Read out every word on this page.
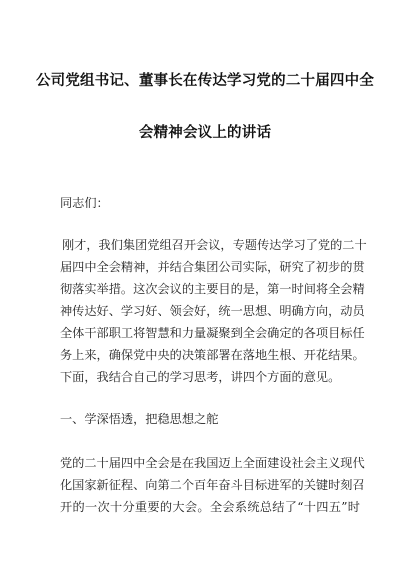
公司党组书记、董事长在传达学习党的二十届四中全
会精神会议上的讲话
同志们：
刚才，我们集团党组召开会议，专题传达学习了党的二十
届四中全会精神，并结合集团公司实际，研究了初步的贯
彻落实举措。这次会议的主要目的是，第一时间将全会精
神传达好、学习好、领会好，统一思想、明确方向，动员
全体干部职工将智慧和力量凝聚到全会确定的各项目标任
务上来，确保党中央的决策部署在落地生根、开花结果。
下面，我结合自己的学习思考，讲四个方面的意见。
一、学深悟透，把稳思想之舵
党的二十届四中全会是在我国迈上全面建设社会主义现代
化国家新征程、向第二个百年奋斗目标进军的关键时刻召
开的一次十分重要的大会。全会系统总结了“十四五”时
